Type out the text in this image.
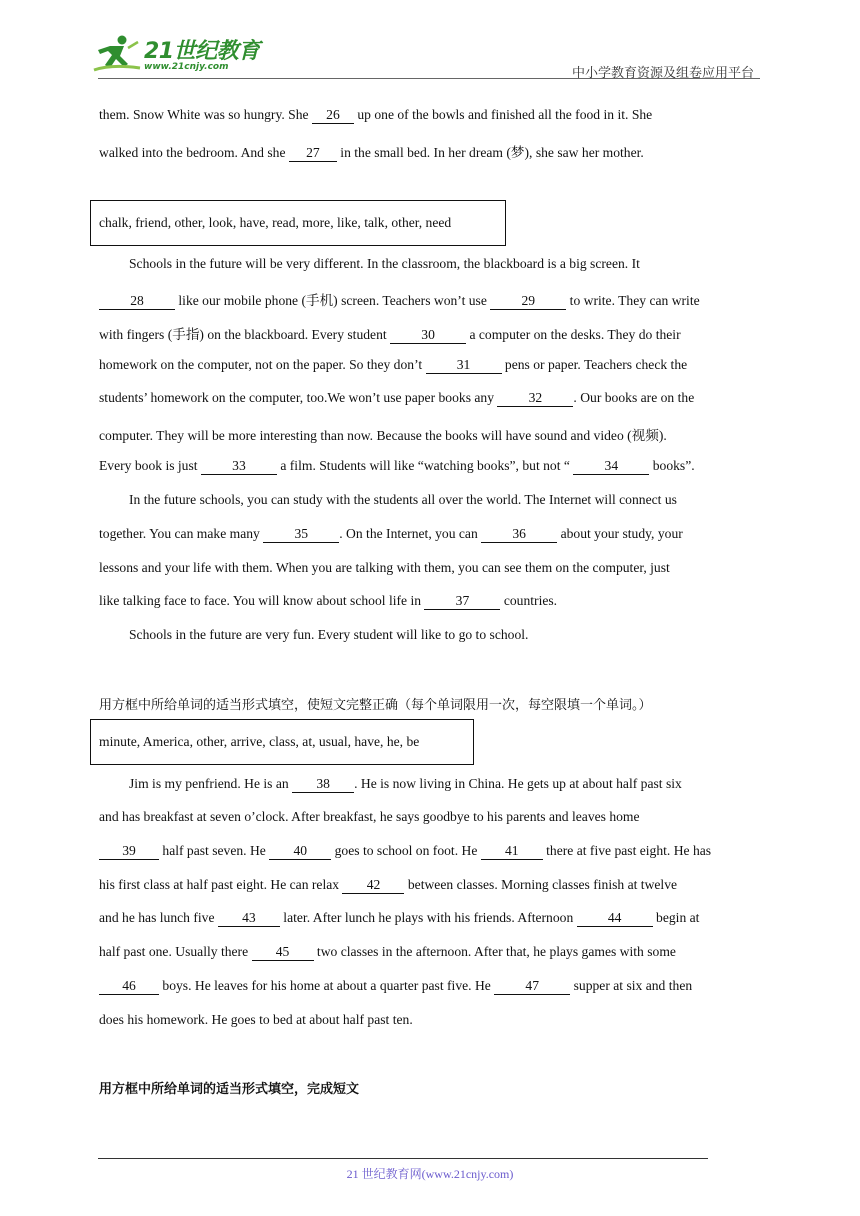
21世纪教育
www.21cnjy.com	中小学教育资源及组卷应用平台
them. Snow White was so hungry. She 26 up one of the bowls and finished all the food in it. She
walked into the bedroom. And she 27 in the small bed. In her dream (梦), she saw her mother.
chalk, friend, other, look, have, read, more, like, talk, other, need
Schools in the future will be very different. In the classroom, the blackboard is a big screen. It
28 like our mobile phone (手机) screen. Teachers won’t use 29 to write. They can write
with fingers (手指) on the blackboard. Every student 30 a computer on the desks. They do their
homework on the computer, not on the paper. So they don’t 31 pens or paper. Teachers check the
students’ homework on the computer, too.We won’t use paper books any 32 . Our books are on the
computer. They will be more interesting than now. Because the books will have sound and video (视频).
Every book is just 33 a film. Students will like “watching books”, but not “ 34 books”.
In the future schools, you can study with the students all over the world. The Internet will connect us
together. You can make many 35 . On the Internet, you can 36 about your study, your
lessons and your life with them. When you are talking with them, you can see them on the computer, just
like talking face to face. You will know about school life in 37 countries.
Schools in the future are very fun. Every student will like to go to school.
用方框中所给单词的适当形式填空，使短文完整正确（每个单词限用一次，每空限填一个单词。）
minute, America, other, arrive, class, at, usual, have, he, be
Jim is my penfriend. He is an 38 . He is now living in China. He gets up at about half past six
and has breakfast at seven o’clock. After breakfast, he says goodbye to his parents and leaves home
39 half past seven. He 40 goes to school on foot. He 41 there at five past eight. He has
his first class at half past eight. He can relax 42 between classes. Morning classes finish at twelve
and he has lunch five 43 later. After lunch he plays with his friends. Afternoon 44 begin at
half past one. Usually there 45 two classes in the afternoon. After that, he plays games with some
46 boys. He leaves for his home at about a quarter past five. He 47 supper at six and then
does his homework. He goes to bed at about half past ten.
用方框中所给单词的适当形式填空，完成短文
21 世纪教育网(www.21cnjy.com)
